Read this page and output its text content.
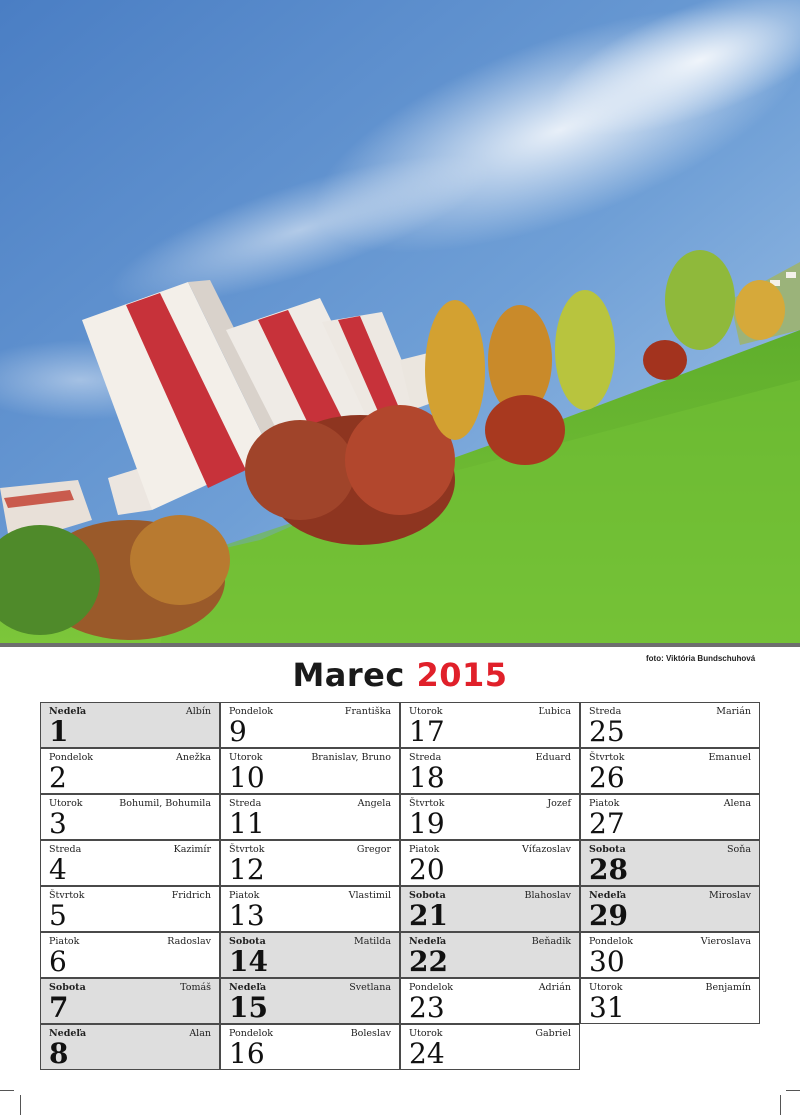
foto: Viktória Bundschuhová
Marec 2015
Nedeľa	Albín
1
Pondelok	Anežka
2
Utorok	Bohumil, Bohumila
3
Streda	Kazimír
4
Štvrtok	Fridrich
5
Piatok	Radoslav
6
Sobota	Tomáš
7
Nedeľa	Alan
8
Pondelok	Františka
9
Utorok	Branislav, Bruno
10
Streda	Angela
11
Štvrtok	Gregor
12
Piatok	Vlastimil
13
Sobota	Matilda
14
Nedeľa	Svetlana
15
Pondelok	Boleslav
16
Utorok	Ľubica
17
Streda	Eduard
18
Štvrtok	Jozef
19
Piatok	Víťazoslav
20
Sobota	Blahoslav
21
Nedeľa	Beňadik
22
Pondelok	Adrián
23
Utorok	Gabriel
24
Streda	Marián
25
Štvrtok	Emanuel
26
Piatok	Alena
27
Sobota	Soňa
28
Nedeľa	Miroslav
29
Pondelok	Vieroslava
30
Utorok	Benjamín
31
